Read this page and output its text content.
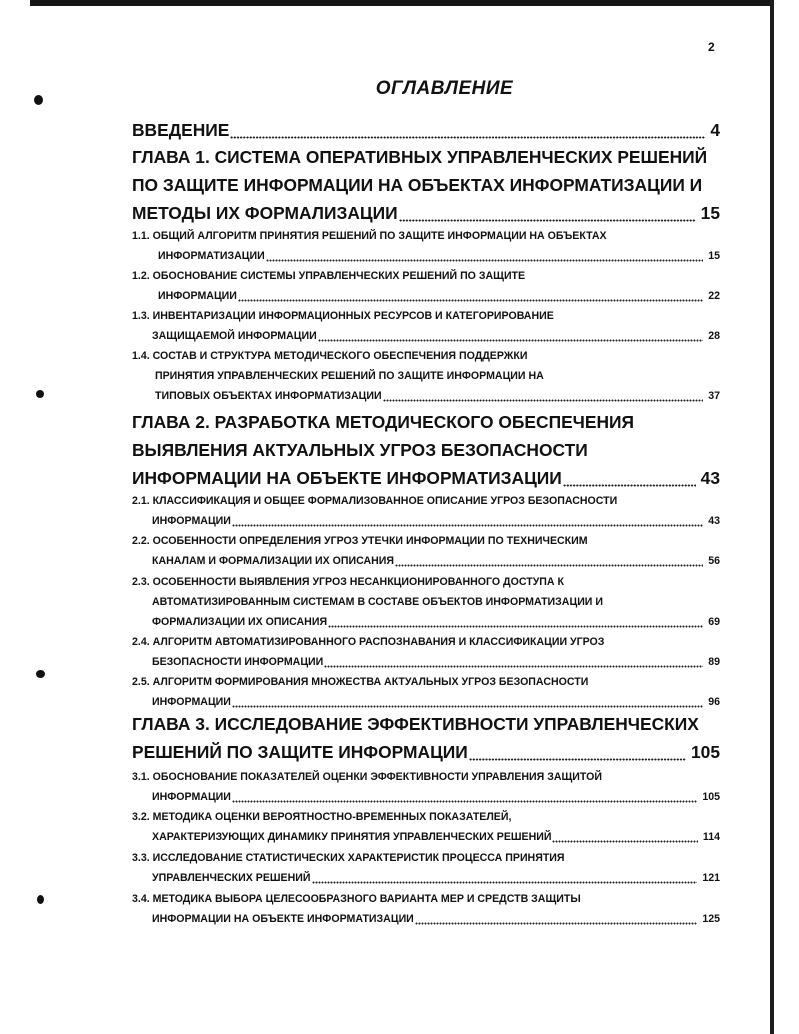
2
ОГЛАВЛЕНИЕ
ВВЕДЕНИЕ	4
ГЛАВА 1. СИСТЕМА ОПЕРАТИВНЫХ УПРАВЛЕНЧЕСКИХ РЕШЕНИЙ
ПО ЗАЩИТЕ ИНФОРМАЦИИ НА ОБЪЕКТАХ ИНФОРМАТИЗАЦИИ И
МЕТОДЫ ИХ ФОРМАЛИЗАЦИИ	15
1.1. ОБЩИЙ АЛГОРИТМ ПРИНЯТИЯ РЕШЕНИЙ ПО ЗАЩИТЕ ИНФОРМАЦИИ НА ОБЪЕКТАХ
ИНФОРМАТИЗАЦИИ	15
1.2. ОБОСНОВАНИЕ СИСТЕМЫ УПРАВЛЕНЧЕСКИХ РЕШЕНИЙ ПО ЗАЩИТЕ
ИНФОРМАЦИИ	22
1.3. ИНВЕНТАРИЗАЦИИ ИНФОРМАЦИОННЫХ РЕСУРСОВ И КАТЕГОРИРОВАНИЕ
ЗАЩИЩАЕМОЙ ИНФОРМАЦИИ	28
1.4. СОСТАВ И СТРУКТУРА МЕТОДИЧЕСКОГО ОБЕСПЕЧЕНИЯ ПОДДЕРЖКИ
ПРИНЯТИЯ УПРАВЛЕНЧЕСКИХ РЕШЕНИЙ ПО ЗАЩИТЕ ИНФОРМАЦИИ НА
ТИПОВЫХ ОБЪЕКТАХ ИНФОРМАТИЗАЦИИ	37
ГЛАВА 2. РАЗРАБОТКА МЕТОДИЧЕСКОГО ОБЕСПЕЧЕНИЯ
ВЫЯВЛЕНИЯ АКТУАЛЬНЫХ УГРОЗ БЕЗОПАСНОСТИ
ИНФОРМАЦИИ НА ОБЪЕКТЕ ИНФОРМАТИЗАЦИИ	43
2.1. КЛАССИФИКАЦИЯ И ОБЩЕЕ ФОРМАЛИЗОВАННОЕ ОПИСАНИЕ УГРОЗ БЕЗОПАСНОСТИ
ИНФОРМАЦИИ	43
2.2. ОСОБЕННОСТИ ОПРЕДЕЛЕНИЯ УГРОЗ УТЕЧКИ ИНФОРМАЦИИ ПО ТЕХНИЧЕСКИМ
КАНАЛАМ И ФОРМАЛИЗАЦИИ ИХ ОПИСАНИЯ	56
2.3. ОСОБЕННОСТИ ВЫЯВЛЕНИЯ УГРОЗ НЕСАНКЦИОНИРОВАННОГО ДОСТУПА К
АВТОМАТИЗИРОВАННЫМ СИСТЕМАМ В СОСТАВЕ ОБЪЕКТОВ ИНФОРМАТИЗАЦИИ И
ФОРМАЛИЗАЦИИ ИХ ОПИСАНИЯ	69
2.4. АЛГОРИТМ АВТОМАТИЗИРОВАННОГО РАСПОЗНАВАНИЯ И КЛАССИФИКАЦИИ УГРОЗ
БЕЗОПАСНОСТИ ИНФОРМАЦИИ	89
2.5. АЛГОРИТМ ФОРМИРОВАНИЯ МНОЖЕСТВА АКТУАЛЬНЫХ УГРОЗ БЕЗОПАСНОСТИ
ИНФОРМАЦИИ	96
ГЛАВА 3. ИССЛЕДОВАНИЕ ЭФФЕКТИВНОСТИ УПРАВЛЕНЧЕСКИХ
РЕШЕНИЙ ПО ЗАЩИТЕ ИНФОРМАЦИИ	105
3.1. ОБОСНОВАНИЕ ПОКАЗАТЕЛЕЙ ОЦЕНКИ ЭФФЕКТИВНОСТИ УПРАВЛЕНИЯ ЗАЩИТОЙ
ИНФОРМАЦИИ	105
3.2. МЕТОДИКА ОЦЕНКИ ВЕРОЯТНОСТНО-ВРЕМЕННЫХ ПОКАЗАТЕЛЕЙ,
ХАРАКТЕРИЗУЮЩИХ ДИНАМИКУ ПРИНЯТИЯ УПРАВЛЕНЧЕСКИХ РЕШЕНИЙ	114
3.3. ИССЛЕДОВАНИЕ СТАТИСТИЧЕСКИХ ХАРАКТЕРИСТИК ПРОЦЕССА ПРИНЯТИЯ
УПРАВЛЕНЧЕСКИХ РЕШЕНИЙ	121
3.4. МЕТОДИКА ВЫБОРА ЦЕЛЕСООБРАЗНОГО ВАРИАНТА МЕР И СРЕДСТВ ЗАЩИТЫ
ИНФОРМАЦИИ НА ОБЪЕКТЕ ИНФОРМАТИЗАЦИИ	125
